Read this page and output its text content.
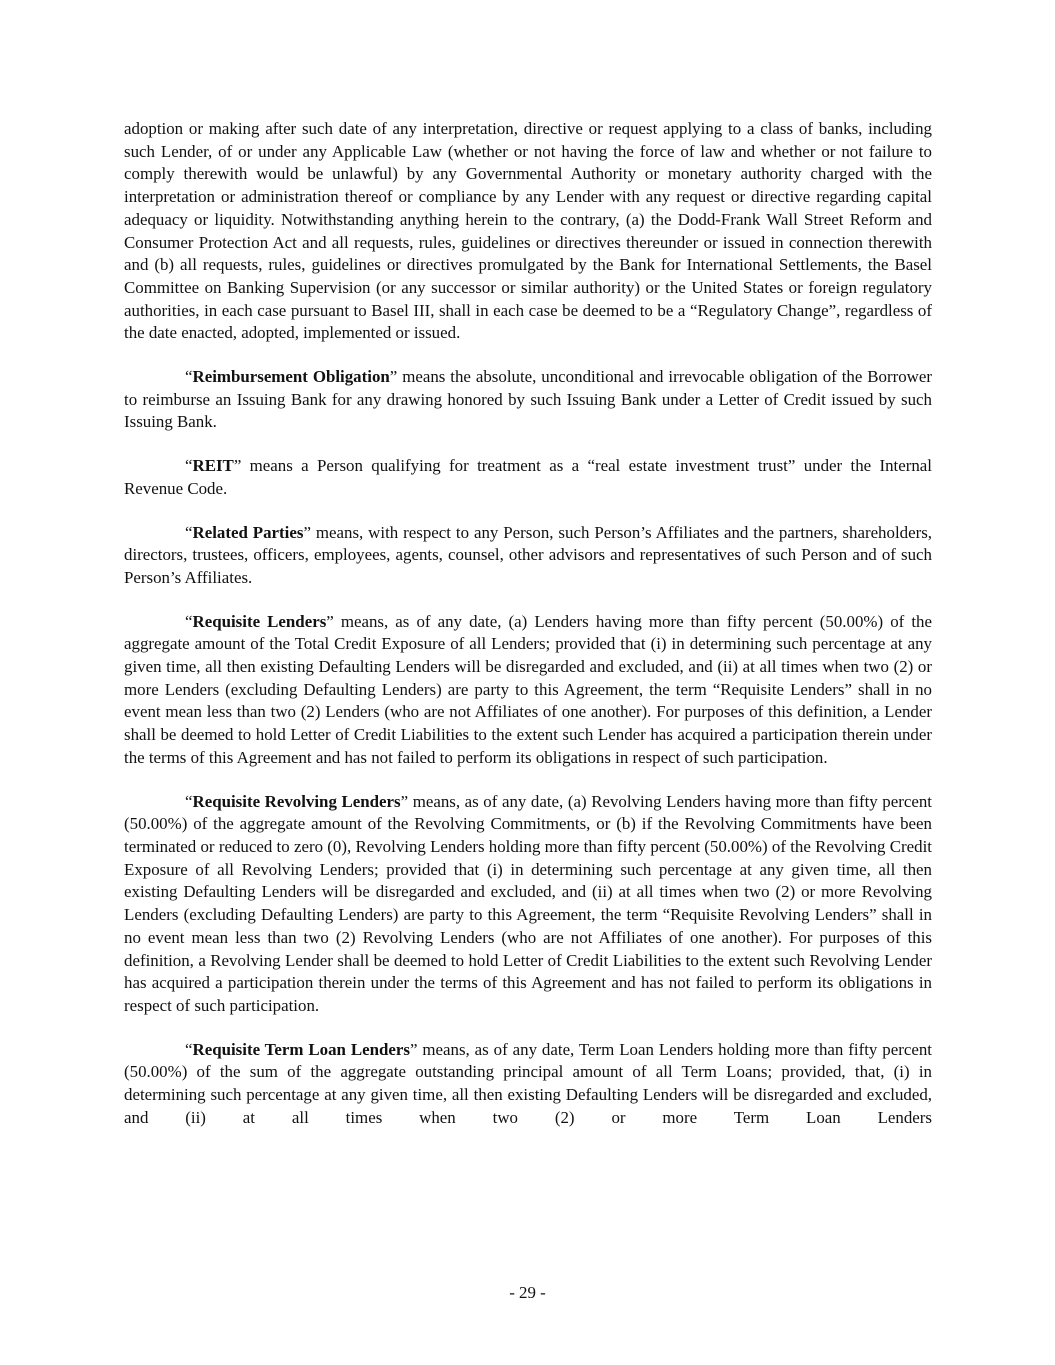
adoption or making after such date of any interpretation, directive or request applying to a class of banks, including such Lender, of or under any Applicable Law (whether or not having the force of law and whether or not failure to comply therewith would be unlawful) by any Governmental Authority or monetary authority charged with the interpretation or administration thereof or compliance by any Lender with any request or directive regarding capital adequacy or liquidity. Notwithstanding anything herein to the contrary, (a) the Dodd-Frank Wall Street Reform and Consumer Protection Act and all requests, rules, guidelines or directives thereunder or issued in connection therewith and (b) all requests, rules, guidelines or directives promulgated by the Bank for International Settlements, the Basel Committee on Banking Supervision (or any successor or similar authority) or the United States or foreign regulatory authorities, in each case pursuant to Basel III, shall in each case be deemed to be a “Regulatory Change”, regardless of the date enacted, adopted, implemented or issued.

“Reimbursement Obligation” means the absolute, unconditional and irrevocable obligation of the Borrower to reimburse an Issuing Bank for any drawing honored by such Issuing Bank under a Letter of Credit issued by such Issuing Bank.

“REIT” means a Person qualifying for treatment as a “real estate investment trust” under the Internal Revenue Code.

“Related Parties” means, with respect to any Person, such Person’s Affiliates and the partners, shareholders, directors, trustees, officers, employees, agents, counsel, other advisors and representatives of such Person and of such Person’s Affiliates.

“Requisite Lenders” means, as of any date, (a) Lenders having more than fifty percent (50.00%) of the aggregate amount of the Total Credit Exposure of all Lenders; provided that (i) in determining such percentage at any given time, all then existing Defaulting Lenders will be disregarded and excluded, and (ii) at all times when two (2) or more Lenders (excluding Defaulting Lenders) are party to this Agreement, the term “Requisite Lenders” shall in no event mean less than two (2) Lenders (who are not Affiliates of one another). For purposes of this definition, a Lender shall be deemed to hold Letter of Credit Liabilities to the extent such Lender has acquired a participation therein under the terms of this Agreement and has not failed to perform its obligations in respect of such participation.

“Requisite Revolving Lenders” means, as of any date, (a) Revolving Lenders having more than fifty percent (50.00%) of the aggregate amount of the Revolving Commitments, or (b) if the Revolving Commitments have been terminated or reduced to zero (0), Revolving Lenders holding more than fifty percent (50.00%) of the Revolving Credit Exposure of all Revolving Lenders; provided that (i) in determining such percentage at any given time, all then existing Defaulting Lenders will be disregarded and excluded, and (ii) at all times when two (2) or more Revolving Lenders (excluding Defaulting Lenders) are party to this Agreement, the term “Requisite Revolving Lenders” shall in no event mean less than two (2) Revolving Lenders (who are not Affiliates of one another). For purposes of this definition, a Revolving Lender shall be deemed to hold Letter of Credit Liabilities to the extent such Revolving Lender has acquired a participation therein under the terms of this Agreement and has not failed to perform its obligations in respect of such participation.

“Requisite Term Loan Lenders” means, as of any date, Term Loan Lenders holding more than fifty percent (50.00%) of the sum of the aggregate outstanding principal amount of all Term Loans; provided, that, (i) in determining such percentage at any given time, all then existing Defaulting Lenders will be disregarded and excluded, and (ii) at all times when two (2) or more Term Loan Lenders

- 29 -
